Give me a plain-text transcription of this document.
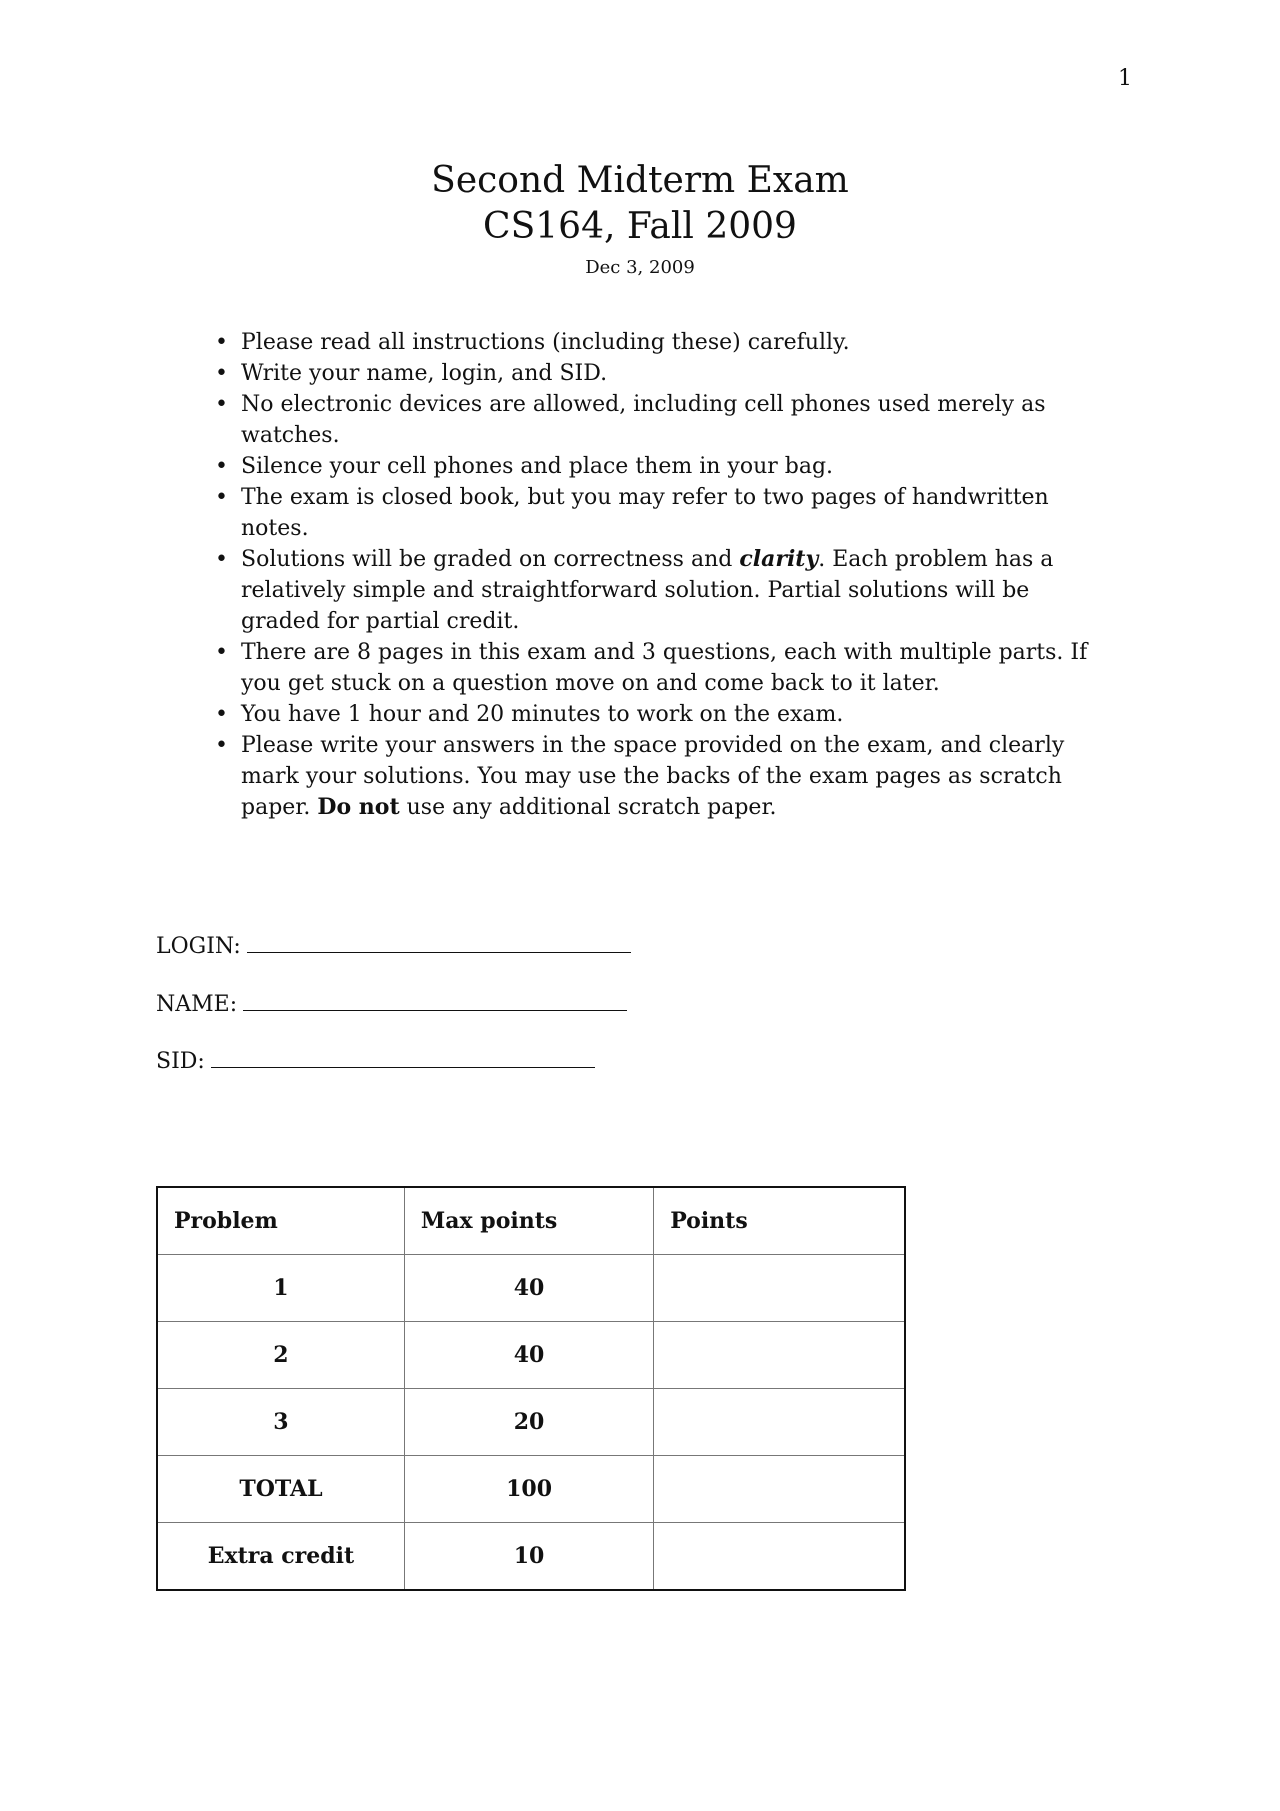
1
Second Midterm Exam
CS164, Fall 2009
Dec 3, 2009
• Please read all instructions (including these) carefully.
• Write your name, login, and SID.
• No electronic devices are allowed, including cell phones used merely as watches.
• Silence your cell phones and place them in your bag.
• The exam is closed book, but you may refer to two pages of handwritten notes.
• Solutions will be graded on correctness and clarity. Each problem has a relatively simple and straightforward solution. Partial solutions will be graded for partial credit.
• There are 8 pages in this exam and 3 questions, each with multiple parts. If you get stuck on a question move on and come back to it later.
• You have 1 hour and 20 minutes to work on the exam.
• Please write your answers in the space provided on the exam, and clearly mark your solutions. You may use the backs of the exam pages as scratch paper. Do not use any additional scratch paper.
LOGIN:
NAME:
SID:
Problem	Max points	Points
1	40	
2	40	
3	20	
TOTAL	100	
Extra credit	10	
